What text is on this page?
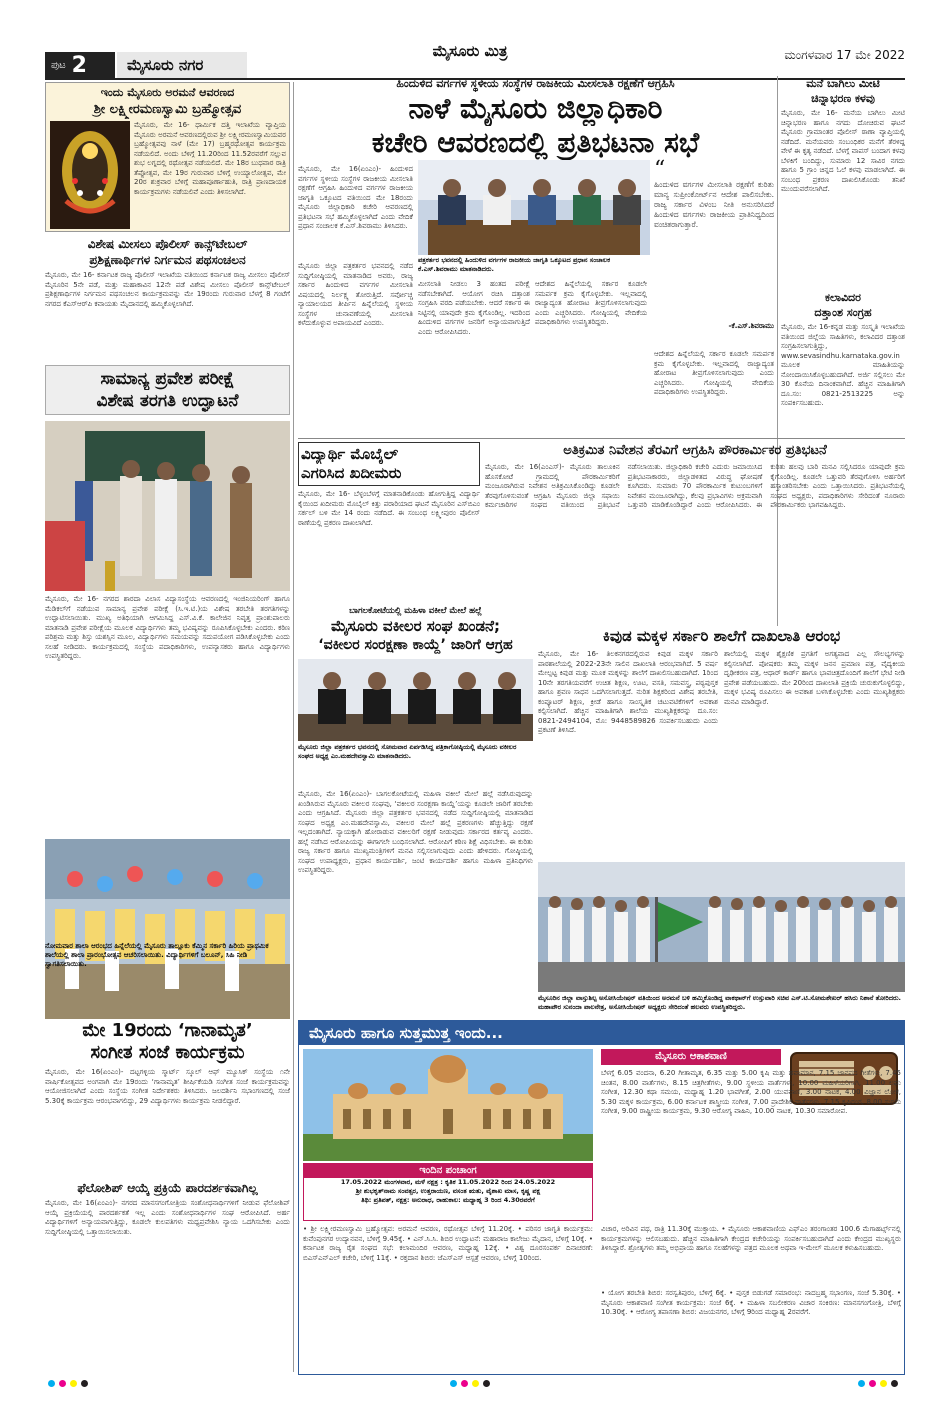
ಪುಟ 2	ಮೈಸೂರು ನಗರ
ಮೈಸೂರು ಮಿತ್ರ	ಮಂಗಳವಾರ 17 ಮೇ 2022
ಇಂದು ಮೈಸೂರು ಅರಮನೆ ಆವರಣದ
ಶ್ರೀ ಲಕ್ಷ್ಮೀರಮಣಸ್ವಾಮಿ ಬ್ರಹ್ಮೋತ್ಸವ
ಮೈಸೂರು, ಮೇ 16- ಧಾರ್ಮಿಕ ದತ್ತಿ ಇಲಾಖೆಯ ವ್ಯಾಪ್ತಿಯ ಮೈಸೂರು ಅರಮನೆ ಆವರಣದಲ್ಲಿರುವ ಶ್ರೀ ಲಕ್ಷ್ಮೀರಮಣಸ್ವಾಮಿಯವರ ಬ್ರಹ್ಮೋತ್ಸವವು ನಾಳೆ (ಮೇ 17) ಬ್ರಹ್ಮರಥೋತ್ಸವ ಕಾರ್ಯಕ್ರಮ ನಡೆಯಲಿದೆ. ಅಂದು ಬೆಳಿಗ್ಗೆ 11.20ರಿಂದ 11.52ರವರೆಗೆ ಸಲ್ಲುವ ಶುಭ ಲಗ್ನದಲ್ಲಿ ರಥೋತ್ಸವ ನಡೆಯಲಿದೆ. ಮೇ 18ರ ಬುಧವಾರ ರಾತ್ರಿ ತೆಪ್ಪೋತ್ಸವ, ಮೇ 19ರ ಗುರುವಾರ ಬೆಳಿಗ್ಗೆ ಉಯ್ಯಾಲೋತ್ಸವ, ಮೇ 20ರ ಶುಕ್ರವಾರ ಬೆಳಿಗ್ಗೆ ಮಹಾಪೂರ್ಣಾಹುತಿ, ರಾತ್ರಿ ಪ್ರಾಣದಾಯಕ ಕಾರ್ಯಕ್ರಮಗಳು ನಡೆಯಲಿವೆ ಎಂದು ತಿಳಿಸಲಾಗಿದೆ.
ವಿಶೇಷ ಮೀಸಲು ಪೊಲೀಸ್ ಕಾನ್ಸ್‌ಟೇಬಲ್
ಪ್ರಶಿಕ್ಷಣಾರ್ಥಿಗಳ ನಿರ್ಗಮನ ಪಥಸಂಚಲನ
ಮೈಸೂರು, ಮೇ 16- ಕರ್ನಾಟಕ ರಾಜ್ಯ ಪೊಲೀಸ್ ಇಲಾಖೆಯ ವತಿಯಿಂದ ಕರ್ನಾಟಕ ರಾಜ್ಯ ಮೀಸಲು ಪೊಲೀಸ್ ಮೈಸೂರಿನ 5ನೇ ಪಡೆ, ಮತ್ತು ಮಹಾಕಾವಿನ 12ನೇ ಪಡೆ ವಿಶೇಷ ಮೀಸಲು ಪೊಲೀಸ್ ಕಾನ್ಸ್‌ಟೇಬಲ್ ಪ್ರಶಿಕ್ಷಣಾರ್ಥಿಗಳ ನಿರ್ಗಮನ ಪಥಸಂಚಲನ ಕಾರ್ಯಕ್ರಮವನ್ನು ಮೇ 19ರಂದು ಗುರುವಾರ ಬೆಳಗ್ಗೆ 8 ಗಂಟೆಗೆ ನಗರದ ಕೆಎಸ್‌ಆರ್‌ಪಿ ಕವಾಯತು ಮೈದಾನದಲ್ಲಿ ಹಮ್ಮಿಕೊಳ್ಳಲಾಗಿದೆ.
ಸಾಮಾನ್ಯ ಪ್ರವೇಶ ಪರೀಕ್ಷೆ
ವಿಶೇಷ ತರಗತಿ ಉದ್ಘಾಟನೆ
ಮೈಸೂರು, ಮೇ 16- ನಗರದ ಶಾರದಾ ವಿಲಾಸ ವಿದ್ಯಾಸಂಸ್ಥೆಯ ಆವರಣದಲ್ಲಿ ಇಂಜಿನಿಯರಿಂಗ್ ಹಾಗೂ ಮೆಡಿಕಲ್‌ಗೆ ನಡೆಯುವ ಸಾಮಾನ್ಯ ಪ್ರವೇಶ ಪರೀಕ್ಷೆ (ಸಿ.ಇ.ಟಿ.)ಯ ವಿಶೇಷ ತರಬೇತಿ ತರಗತಿಗಳನ್ನು ಉದ್ಘಾಟಿಸಲಾಯಿತು. ಮುಖ್ಯ ಅತಿಥಿಯಾಗಿ ಆಗಮಿಸಿದ್ದ ಎಸ್‌.ವಿ.ಕೆ. ಕಾಲೇಜಿನ ನಿವೃತ್ತ ಪ್ರಾಂಶುಪಾಲರು ಮಾತನಾಡಿ ಪ್ರವೇಶ ಪರೀಕ್ಷೆಯ ಮೂಲಕ ವಿದ್ಯಾರ್ಥಿಗಳು ತಮ್ಮ ಭವಿಷ್ಯವನ್ನು ರೂಪಿಸಿಕೊಳ್ಳಬೇಕು ಎಂದರು. ಕಠಿಣ ಪರಿಶ್ರಮ ಮತ್ತು ಶಿಸ್ತು ಯಶಸ್ಸಿನ ಮೂಲ, ವಿದ್ಯಾರ್ಥಿಗಳು ಸಮಯವನ್ನು ಸದುಪಯೋಗ ಪಡಿಸಿಕೊಳ್ಳಬೇಕು ಎಂದು ಸಲಹೆ ನೀಡಿದರು. ಕಾರ್ಯಕ್ರಮದಲ್ಲಿ ಸಂಸ್ಥೆಯ ಪದಾಧಿಕಾರಿಗಳು, ಉಪನ್ಯಾಸಕರು ಹಾಗೂ ವಿದ್ಯಾರ್ಥಿಗಳು ಉಪಸ್ಥಿತರಿದ್ದರು.
ನೋಮವಾರ ಶಾಲಾ ಆರಂಭದ ಹಿನ್ನೆಲೆಯಲ್ಲಿ ಮೈಸೂರು ತಾಲ್ಲೂಕು ಕೆಮ್ಮಿನ ಸರ್ಕಾರಿ ಹಿರಿಯ ಪ್ರಾಥಮಿಕ ಶಾಲೆಯಲ್ಲಿ ಶಾಲಾ ಪ್ರಾರಂಭೋತ್ಸವ ಆಚರಿಸಲಾಯಿತು. ವಿದ್ಯಾರ್ಥಿಗಳಿಗೆ ಬಲೂನ್, ಸಿಹಿ ನೀಡಿ ಸ್ವಾಗತಿಸಲಾಯಿತು.
ಮೇ 19ರಂದು ‘ಗಾನಾಮೃತ’
ಸಂಗೀತ ಸಂಜೆ ಕಾರ್ಯಕ್ರಮ
ಮೈಸೂರು, ಮೇ 16(ಏಂಎಂ)- ದಟ್ಟಗಳ್ಳಿಯ ಸ್ಮಾರ್ಟ್ ಸ್ಕೂಲ್ ಆಫ್ ಮ್ಯೂಸಿಕ್ ಸಂಸ್ಥೆಯ ೧ನೇ ವಾರ್ಷಿಕೋತ್ಸವದ ಅಂಗವಾಗಿ ಮೇ 19ರಂದು ‘ಗಾನಾಮೃತ’ ಶೀರ್ಷಿಕೆಯಡಿ ಸಂಗೀತ ಸಂಜೆ ಕಾರ್ಯಕ್ರಮವನ್ನು ಆಯೋಜಿಸಲಾಗಿದೆ ಎಂದು ಸಂಸ್ಥೆಯ ಸಂಗೀತ ನಿರ್ದೇಶಕರು ತಿಳಿಸಿದರು. ಜಲದರ್ಶಿನಿ ಸಭಾಂಗಣದಲ್ಲಿ ಸಂಜೆ 5.30ಕ್ಕೆ ಕಾರ್ಯಕ್ರಮ ಆರಂಭವಾಗಲಿದ್ದು, 29 ವಿದ್ಯಾರ್ಥಿಗಳು ಕಾರ್ಯಕ್ರಮ ನೀಡಲಿದ್ದಾರೆ.
ಫೆಲೋಶಿಪ್ ಆಯ್ಕೆ ಪ್ರಕ್ರಿಯೆ ಪಾರದರ್ಶಕವಾಗಿಲ್ಲ
ಮೈಸೂರು, ಮೇ 16(ಏಂಎಂ)- ನಗರದ ಮಾನಸಗಂಗೋತ್ರಿಯ ಸಂಶೋಧನಾರ್ಥಿಗಳಿಗೆ ನೀಡುವ ಫೆಲೋಶಿಪ್ ಆಯ್ಕೆ ಪ್ರಕ್ರಿಯೆಯಲ್ಲಿ ಪಾರದರ್ಶಕತೆ ಇಲ್ಲ ಎಂದು ಸಂಶೋಧನಾರ್ಥಿಗಳ ಸಂಘ ಆರೋಪಿಸಿದೆ. ಅರ್ಹ ವಿದ್ಯಾರ್ಥಿಗಳಿಗೆ ಅನ್ಯಾಯವಾಗುತ್ತಿದ್ದು, ಕೂಡಲೇ ಕುಲಪತಿಗಳು ಮಧ್ಯಪ್ರವೇಶಿಸಿ ನ್ಯಾಯ ಒದಗಿಸಬೇಕು ಎಂದು ಸುದ್ದಿಗೋಷ್ಠಿಯಲ್ಲಿ ಒತ್ತಾಯಿಸಲಾಯಿತು.
ಹಿಂದುಳಿದ ವರ್ಗಗಳ ಸ್ಥಳೀಯ ಸಂಸ್ಥೆಗಳ ರಾಜಕೀಯ ಮೀಸಲಾತಿ ರಕ್ಷಣೆಗೆ ಆಗ್ರಹಿಸಿ
ನಾಳೆ ಮೈಸೂರು ಜಿಲ್ಲಾಧಿಕಾರಿ
ಕಚೇರಿ ಆವರಣದಲ್ಲಿ ಪ್ರತಿಭಟನಾ ಸಭೆ
ಮೈಸೂರು, ಮೇ 16(ಏಂಎಂ)- ಹಿಂದುಳಿದ ವರ್ಗಗಳ ಸ್ಥಳೀಯ ಸಂಸ್ಥೆಗಳ ರಾಜಕೀಯ ಮೀಸಲಾತಿ ರಕ್ಷಣೆಗೆ ಆಗ್ರಹಿಸಿ ಹಿಂದುಳಿದ ವರ್ಗಗಳ ರಾಜಕೀಯ ಜಾಗೃತಿ ಒಕ್ಕೂಟದ ವತಿಯಿಂದ ಮೇ 18ರಂದು ಮೈಸೂರು ಜಿಲ್ಲಾಧಿಕಾರಿ ಕಚೇರಿ ಆವರಣದಲ್ಲಿ ಪ್ರತಿಭಟನಾ ಸಭೆ ಹಮ್ಮಿಕೊಳ್ಳಲಾಗಿದೆ ಎಂದು ವೇದಿಕೆ ಪ್ರಧಾನ ಸಂಚಾಲಕ ಕೆ.ಎಸ್.ಶಿವರಾಮು ತಿಳಿಸಿದರು.
ಪತ್ರಕರ್ತರ ಭವನದಲ್ಲಿ ಹಿಂದುಳಿದ ವರ್ಗಗಳ ರಾಜಕೀಯ ಜಾಗೃತಿ ಒಕ್ಕೂಟದ ಪ್ರಧಾನ ಸಂಚಾಲಕ ಕೆ.ಎಸ್.ಶಿವರಾಮು ಮಾತನಾಡಿದರು.
ಮೈಸೂರು ಜಿಲ್ಲಾ ಪತ್ರಕರ್ತರ ಭವನದಲ್ಲಿ ನಡೆದ ಸುದ್ದಿಗೋಷ್ಠಿಯಲ್ಲಿ ಮಾತನಾಡಿದ ಅವರು, ರಾಜ್ಯ ಸರ್ಕಾರ ಹಿಂದುಳಿದ ವರ್ಗಗಳ ಮೀಸಲಾತಿ ವಿಷಯದಲ್ಲಿ ನಿರ್ಲಕ್ಷ್ಯ ತೋರುತ್ತಿದೆ. ಸರ್ವೋಚ್ಚ ನ್ಯಾಯಾಲಯದ ತೀರ್ಪಿನ ಹಿನ್ನೆಲೆಯಲ್ಲಿ ಸ್ಥಳೀಯ ಸಂಸ್ಥೆಗಳ ಚುನಾವಣೆಯಲ್ಲಿ ಮೀಸಲಾತಿ ಕಳೆದುಕೊಳ್ಳುವ ಅಪಾಯವಿದೆ ಎಂದರು.
ಮೀಸಲಾತಿ ನೀಡಲು 3 ಹಂತದ ಪರೀಕ್ಷೆ ನಡೆಸಬೇಕಾಗಿದೆ. ಆಯೋಗ ರಚಿಸಿ ದತ್ತಾಂಶ ಸಂಗ್ರಹಿಸಿ ವರದಿ ಪಡೆಯಬೇಕು. ಆದರೆ ಸರ್ಕಾರ ಈ ನಿಟ್ಟಿನಲ್ಲಿ ಯಾವುದೇ ಕ್ರಮ ಕೈಗೊಂಡಿಲ್ಲ. ಇದರಿಂದ ಹಿಂದುಳಿದ ವರ್ಗಗಳ ಜನರಿಗೆ ಅನ್ಯಾಯವಾಗುತ್ತಿದೆ ಎಂದು ಆರೋಪಿಸಿದರು.
ಆದೇಶದ ಹಿನ್ನೆಲೆಯಲ್ಲಿ ಸರ್ಕಾರ ಕೂಡಲೇ ಸಮರ್ಪಕ ಕ್ರಮ ಕೈಗೊಳ್ಳಬೇಕು. ಇಲ್ಲವಾದಲ್ಲಿ ರಾಜ್ಯಾದ್ಯಂತ ಹೋರಾಟ ತೀವ್ರಗೊಳಿಸಲಾಗುವುದು ಎಂದು ಎಚ್ಚರಿಸಿದರು. ಗೋಷ್ಠಿಯಲ್ಲಿ ವೇದಿಕೆಯ ಪದಾಧಿಕಾರಿಗಳು ಉಪಸ್ಥಿತರಿದ್ದರು.
“
ಹಿಂದುಳಿದ ವರ್ಗಗಳ ಮೀಸಲಾತಿ ರಕ್ಷಣೆಗೆ ಕುರಿತು ಮಾನ್ಯ ಸುಪ್ರೀಂಕೋರ್ಟ್‌ನ ಆದೇಶ ಪಾಲಿಸಬೇಕು. ರಾಜ್ಯ ಸರ್ಕಾರ ವಿಳಂಬ ನೀತಿ ಅನುಸರಿಸಿದರೆ ಹಿಂದುಳಿದ ವರ್ಗಗಳು ರಾಜಕೀಯ ಪ್ರಾತಿನಿಧ್ಯದಿಂದ ವಂಚಿತರಾಗುತ್ತಾರೆ.
-ಕೆ.ಎಸ್.ಶಿವರಾಮು
ಆದೇಶದ ಹಿನ್ನೆಲೆಯಲ್ಲಿ ಸರ್ಕಾರ ಕೂಡಲೇ ಸಮರ್ಪಕ ಕ್ರಮ ಕೈಗೊಳ್ಳಬೇಕು. ಇಲ್ಲವಾದಲ್ಲಿ ರಾಜ್ಯಾದ್ಯಂತ ಹೋರಾಟ ತೀವ್ರಗೊಳಿಸಲಾಗುವುದು ಎಂದು ಎಚ್ಚರಿಸಿದರು. ಗೋಷ್ಠಿಯಲ್ಲಿ ವೇದಿಕೆಯ ಪದಾಧಿಕಾರಿಗಳು ಉಪಸ್ಥಿತರಿದ್ದರು.
ಮನೆ ಬಾಗಿಲು ಮೀಟಿ
ಚಿನ್ನಾಭರಣ ಕಳವು
ಮೈಸೂರು, ಮೇ 16- ಮನೆಯ ಬಾಗಿಲು ಮೀಟಿ ಚಿನ್ನಾಭರಣ ಹಾಗೂ ನಗದು ದೋಚಿರುವ ಘಟನೆ ಮೈಸೂರು ಗ್ರಾಮಾಂತರ ಪೊಲೀಸ್ ಠಾಣಾ ವ್ಯಾಪ್ತಿಯಲ್ಲಿ ನಡೆದಿದೆ. ಮನೆಯವರು ಸಂಬಂಧಿಕರ ಮನೆಗೆ ತೆರಳಿದ್ದ ವೇಳೆ ಈ ಕೃತ್ಯ ನಡೆದಿದೆ. ಬೆಳಗ್ಗೆ ವಾಪಸ್ ಬಂದಾಗ ಕಳವು ಬೆಳಕಿಗೆ ಬಂದಿದ್ದು, ಸುಮಾರು 12 ಸಾವಿರ ನಗದು ಹಾಗೂ 5 ಗ್ರಾಂ ಚಿನ್ನದ ಓಲೆ ಕಳವು ಮಾಡಲಾಗಿದೆ. ಈ ಸಂಬಂಧ ಪ್ರಕರಣ ದಾಖಲಿಸಿಕೊಂಡು ತನಿಖೆ ಮುಂದುವರೆಸಲಾಗಿದೆ.
ಕಲಾವಿದರ
ದತ್ತಾಂಶ ಸಂಗ್ರಹ
ಮೈಸೂರು, ಮೇ 16-ಕನ್ನಡ ಮತ್ತು ಸಂಸ್ಕೃತಿ ಇಲಾಖೆಯ ವತಿಯಿಂದ ಜಿಲ್ಲೆಯ ಸಾಹಿತಿಗಳು, ಕಲಾವಿದರ ದತ್ತಾಂಶ ಸಂಗ್ರಹಿಸಲಾಗುತ್ತಿದ್ದು, www.sevasindhu.karnataka.gov.in ಮೂಲಕ ಮಾಹಿತಿಯನ್ನು ನೋಂದಾಯಿಸಿಕೊಳ್ಳಬಹುದಾಗಿದೆ. ಅರ್ಜಿ ಸಲ್ಲಿಸಲು ಮೇ 30 ಕೊನೆಯ ದಿನಾಂಕವಾಗಿದೆ. ಹೆಚ್ಚಿನ ಮಾಹಿತಿಗಾಗಿ ದೂ.ಸಂ: 0821-2513225 ಅನ್ನು ಸಂಪರ್ಕಿಸಬಹುದು.
ವಿದ್ಯಾರ್ಥಿ ಮೊಬೈಲ್
ಎಗರಿಸಿದ ಖದೀಮರು
ಮೈಸೂರು, ಮೇ 16- ಬೆಳ್ಳಂಬೆಳಗ್ಗೆ ಮಾತನಾಡಿಕೊಂಡು ಹೋಗುತ್ತಿದ್ದ ವಿದ್ಯಾರ್ಥಿ ಕೈಯಿಂದ ಖದೀಮರು ಮೊಬೈಲ್ ಕಿತ್ತು ಪರಾರಿಯಾದ ಘಟನೆ ಮೈಸೂರಿನ ಎಸ್‌ಬಿಎಂ ಸರ್ಕಲ್ ಬಳಿ ಮೇ 14 ರಂದು ನಡೆದಿದೆ. ಈ ಸಂಬಂಧ ಲಕ್ಷ್ಮೀಪುರಂ ಪೊಲೀಸ್ ಠಾಣೆಯಲ್ಲಿ ಪ್ರಕರಣ ದಾಖಲಾಗಿದೆ.
ಅತಿಕ್ರಮಿತ ನಿವೇಶನ ತೆರವಿಗೆ ಆಗ್ರಹಿಸಿ ಪೌರಕಾರ್ಮಿಕರ ಪ್ರತಿಭಟನೆ
ಮೈಸೂರು, ಮೇ 16(ಎಂಎಸ್‌)- ಮೈಸೂರು ತಾಲೂಕಿನ ಹೊಸಕೋಟೆ ಗ್ರಾಮದಲ್ಲಿ ಪೌರಕಾರ್ಮಿಕರಿಗೆ ಮಂಜೂರಾಗಿರುವ ನಿವೇಶನ ಅತಿಕ್ರಮಿಸಿಕೊಂಡಿದ್ದು ಕೂಡಲೇ ತೆರವುಗೊಳಿಸುವಂತೆ ಆಗ್ರಹಿಸಿ ಮೈಸೂರು ಜಿಲ್ಲಾ ಸಫಾಯಿ ಕರ್ಮಚಾರಿಗಳ ಸಂಘದ ವತಿಯಿಂದ ಪ್ರತಿಭಟನೆ ನಡೆಸಲಾಯಿತು. ಜಿಲ್ಲಾಧಿಕಾರಿ ಕಚೇರಿ ಎದುರು ಜಮಾಯಿಸಿದ ಪ್ರತಿಭಟನಾಕಾರರು, ಜಿಲ್ಲಾಡಳಿತದ ವಿರುದ್ಧ ಘೋಷಣೆ ಕೂಗಿದರು. ಸುಮಾರು 70 ಪೌರಕಾರ್ಮಿಕ ಕುಟುಂಬಗಳಿಗೆ ನಿವೇಶನ ಮಂಜೂರಾಗಿದ್ದು, ಕೆಲವು ಪ್ರಭಾವಿಗಳು ಅಕ್ರಮವಾಗಿ ಒತ್ತುವರಿ ಮಾಡಿಕೊಂಡಿದ್ದಾರೆ ಎಂದು ಆರೋಪಿಸಿದರು. ಈ ಕುರಿತು ಹಲವು ಬಾರಿ ಮನವಿ ಸಲ್ಲಿಸಿದರೂ ಯಾವುದೇ ಕ್ರಮ ಕೈಗೊಂಡಿಲ್ಲ. ಕೂಡಲೇ ಒತ್ತುವರಿ ತೆರವುಗೊಳಿಸಿ ಅರ್ಹರಿಗೆ ಹಸ್ತಾಂತರಿಸಬೇಕು ಎಂದು ಒತ್ತಾಯಿಸಿದರು. ಪ್ರತಿಭಟನೆಯಲ್ಲಿ ಸಂಘದ ಅಧ್ಯಕ್ಷರು, ಪದಾಧಿಕಾರಿಗಳು ಸೇರಿದಂತೆ ನೂರಾರು ಪೌರಕಾರ್ಮಿಕರು ಭಾಗವಹಿಸಿದ್ದರು.
ಬಾಗಲಕೋಟೆಯಲ್ಲಿ ಮಹಿಳಾ ವಕೀಲೆ ಮೇಲೆ ಹಲ್ಲೆ
ಮೈಸೂರು ವಕೀಲರ ಸಂಘ ಖಂಡನೆ;
‘ವಕೀಲರ ಸಂರಕ್ಷಣಾ ಕಾಯ್ದೆ’ ಜಾರಿಗೆ ಆಗ್ರಹ
ಮೈಸೂರು ಜಿಲ್ಲಾ ಪತ್ರಕರ್ತರ ಭವನದಲ್ಲಿ ಸೋಮವಾರ ಏರ್ಪಡಿಸಿದ್ದ ಪತ್ರಿಕಾಗೋಷ್ಠಿಯಲ್ಲಿ ಮೈಸೂರು ವಕೀಲರ ಸಂಘದ ಅಧ್ಯಕ್ಷ ಎಂ.ಮಹದೇವಸ್ವಾಮಿ ಮಾತನಾಡಿದರು.
ಮೈಸೂರು, ಮೇ 16(ಏಂಎಂ)- ಬಾಗಲಕೋಟೆಯಲ್ಲಿ ಮಹಿಳಾ ವಕೀಲೆ ಮೇಲೆ ಹಲ್ಲೆ ನಡೆಸಿರುವುದನ್ನು ಖಂಡಿಸಿರುವ ಮೈಸೂರು ವಕೀಲರ ಸಂಘವು, ‘ವಕೀಲರ ಸಂರಕ್ಷಣಾ ಕಾಯ್ದೆ’ಯನ್ನು ಕೂಡಲೇ ಜಾರಿಗೆ ತರಬೇಕು ಎಂದು ಆಗ್ರಹಿಸಿದೆ. ಮೈಸೂರು ಜಿಲ್ಲಾ ಪತ್ರಕರ್ತರ ಭವನದಲ್ಲಿ ನಡೆದ ಸುದ್ದಿಗೋಷ್ಠಿಯಲ್ಲಿ ಮಾತನಾಡಿದ ಸಂಘದ ಅಧ್ಯಕ್ಷ ಎಂ.ಮಹದೇವಸ್ವಾಮಿ, ವಕೀಲರ ಮೇಲೆ ಹಲ್ಲೆ ಪ್ರಕರಣಗಳು ಹೆಚ್ಚುತ್ತಿದ್ದು ರಕ್ಷಣೆ ಇಲ್ಲದಂತಾಗಿದೆ. ನ್ಯಾಯಕ್ಕಾಗಿ ಹೋರಾಡುವ ವಕೀಲರಿಗೆ ರಕ್ಷಣೆ ನೀಡುವುದು ಸರ್ಕಾರದ ಕರ್ತವ್ಯ ಎಂದರು. ಹಲ್ಲೆ ನಡೆಸಿದ ಆರೋಪಿಯನ್ನು ಈಗಾಗಲೇ ಬಂಧಿಸಲಾಗಿದೆ. ಆರೋಪಿಗೆ ಕಠಿಣ ಶಿಕ್ಷೆ ವಿಧಿಸಬೇಕು. ಈ ಕುರಿತು ರಾಜ್ಯ ಸರ್ಕಾರ ಹಾಗೂ ಮುಖ್ಯಮಂತ್ರಿಗಳಿಗೆ ಮನವಿ ಸಲ್ಲಿಸಲಾಗುವುದು ಎಂದು ಹೇಳಿದರು. ಗೋಷ್ಠಿಯಲ್ಲಿ ಸಂಘದ ಉಪಾಧ್ಯಕ್ಷರು, ಪ್ರಧಾನ ಕಾರ್ಯದರ್ಶಿ, ಜಂಟಿ ಕಾರ್ಯದರ್ಶಿ ಹಾಗೂ ಮಹಿಳಾ ಪ್ರತಿನಿಧಿಗಳು ಉಪಸ್ಥಿತರಿದ್ದರು.
ಕಿವುಡ ಮಕ್ಕಳ ಸರ್ಕಾರಿ ಶಾಲೆಗೆ ದಾಖಲಾತಿ ಆರಂಭ
ಮೈಸೂರು, ಮೇ 16- ತಿಲಕನಗರದಲ್ಲಿರುವ ಕಿವುಡ ಮಕ್ಕಳ ಸರ್ಕಾರಿ ಪಾಠಶಾಲೆಯಲ್ಲಿ 2022-23ನೇ ಸಾಲಿನ ದಾಖಲಾತಿ ಆರಂಭವಾಗಿದೆ. 5 ವರ್ಷ ಮೇಲ್ಪಟ್ಟ ಕಿವುಡ ಮತ್ತು ಮೂಕ ಮಕ್ಕಳನ್ನು ಶಾಲೆಗೆ ದಾಖಲಿಸಬಹುದಾಗಿದೆ. 1ರಿಂದ 10ನೇ ತರಗತಿಯವರೆಗೆ ಉಚಿತ ಶಿಕ್ಷಣ, ಊಟ, ವಸತಿ, ಸಮವಸ್ತ್ರ, ಪಠ್ಯಪುಸ್ತಕ ಹಾಗೂ ಶ್ರವಣ ಸಾಧನ ಒದಗಿಸಲಾಗುತ್ತದೆ. ನುರಿತ ಶಿಕ್ಷಕರಿಂದ ವಿಶೇಷ ತರಬೇತಿ, ಕಂಪ್ಯೂಟರ್ ಶಿಕ್ಷಣ, ಕ್ರೀಡೆ ಹಾಗೂ ಸಾಂಸ್ಕೃತಿಕ ಚಟುವಟಿಕೆಗಳಿಗೆ ಅವಕಾಶ ಕಲ್ಪಿಸಲಾಗಿದೆ. ಹೆಚ್ಚಿನ ಮಾಹಿತಿಗಾಗಿ ಶಾಲೆಯ ಮುಖ್ಯಶಿಕ್ಷಕರನ್ನು ದೂ.ಸಂ: 0821-2494104, ಮೊ: 9448589826 ಸಂಪರ್ಕಿಸಬಹುದು ಎಂದು ಪ್ರಕಟಣೆ ತಿಳಿಸಿದೆ.
ಶಾಲೆಯಲ್ಲಿ ಮಕ್ಕಳ ಶೈಕ್ಷಣಿಕ ಪ್ರಗತಿಗೆ ಅಗತ್ಯವಾದ ಎಲ್ಲ ಸೌಲಭ್ಯಗಳನ್ನು ಕಲ್ಪಿಸಲಾಗಿದೆ. ಪೋಷಕರು ತಮ್ಮ ಮಕ್ಕಳ ಜನನ ಪ್ರಮಾಣ ಪತ್ರ, ವೈದ್ಯಕೀಯ ದೃಢೀಕರಣ ಪತ್ರ, ಆಧಾರ್ ಕಾರ್ಡ್ ಹಾಗೂ ಭಾವಚಿತ್ರದೊಂದಿಗೆ ಶಾಲೆಗೆ ಭೇಟಿ ನೀಡಿ ಪ್ರವೇಶ ಪಡೆಯಬಹುದು. ಮೇ 20ರಿಂದ ದಾಖಲಾತಿ ಪ್ರಕ್ರಿಯೆ ಚುರುಕುಗೊಳ್ಳಲಿದ್ದು, ಮಕ್ಕಳ ಭವಿಷ್ಯ ರೂಪಿಸಲು ಈ ಅವಕಾಶ ಬಳಸಿಕೊಳ್ಳಬೇಕು ಎಂದು ಮುಖ್ಯಶಿಕ್ಷಕರು ಮನವಿ ಮಾಡಿದ್ದಾರೆ.
ಮೈಸೂರಿನ ಜಿಲ್ಲಾ ವಾಸ್ತುಶಿಲ್ಪ ಅಸೋಸಿಯೇಷನ್ ವತಿಯಿಂದ ಅರಮನೆ ಬಳಿ ಹಮ್ಮಿಕೊಂಡಿದ್ದ ವಾಕಥಾನ್‌ಗೆ ಉಸ್ತುವಾರಿ ಸಚಿವ ಎಸ್.ಟಿ.ಸೋಮಶೇಖರ್ ಹಸಿರು ನಿಶಾನೆ ತೋರಿದರು. ಮಹಾಪೌರ ಸುನಂದಾ ಪಾಲನೇತ್ರ, ಅಸೋಸಿಯೇಷನ್ ಅಧ್ಯಕ್ಷರು ಸೇರಿದಂತೆ ಹಲವರು ಉಪಸ್ಥಿತರಿದ್ದರು.
ಮೈಸೂರು ಹಾಗೂ ಸುತ್ತಮುತ್ತ ಇಂದು...
ಇಂದಿನ ಪಂಚಾಂಗ
17.05.2022 ಮಂಗಳವಾರ, ಮಳೆ ನಕ್ಷತ್ರ : ಕೃತಿಕ 11.05.2022 ರಿಂದ 24.05.2022
ಶ್ರೀ ಶುಭಕೃತ್‌ನಾಮ ಸಂವತ್ಸರ, ಉತ್ತರಾಯಣ, ವಸಂತ ಋತು, ವೈಶಾಖ ಮಾಸ, ಕೃಷ್ಣ ಪಕ್ಷ
ತಿಥಿ: ಪ್ರತಿಪತ್, ನಕ್ಷತ್ರ: ಅನುರಾಧ, ರಾಹುಕಾಲ: ಮಧ್ಯಾಹ್ನ 3 ರಿಂದ 4.30ರವರೆಗೆ
• ಶ್ರೀ ಲಕ್ಷ್ಮೀರಮಣಸ್ವಾಮಿ ಬ್ರಹ್ಮೋತ್ಸವ: ಅರಮನೆ ಆವರಣ, ರಥೋತ್ಸವ ಬೆಳಿಗ್ಗೆ 11.20ಕ್ಕೆ. • ಪರಿಸರ ಜಾಗೃತಿ ಕಾರ್ಯಕ್ರಮ: ಕುವೆಂಪುನಗರ ಉದ್ಯಾನವನ, ಬೆಳಿಗ್ಗೆ 9.45ಕ್ಕೆ. • ಎನ್.ಸಿ.ಸಿ. ಶಿಬಿರ ಉದ್ಘಾಟನೆ: ಮಹಾರಾಜ ಕಾಲೇಜು ಮೈದಾನ, ಬೆಳಿಗ್ಗೆ 10ಕ್ಕೆ. • ಕರ್ನಾಟಕ ರಾಜ್ಯ ರೈತ ಸಂಘದ ಸಭೆ: ಕಲಾಮಂದಿರ ಆವರಣ, ಮಧ್ಯಾಹ್ನ 12ಕ್ಕೆ. • ವಿಶ್ವ ದೂರಸಂಪರ್ಕ ದಿನಾಚರಣೆ: ಬಿಎಸ್‌ಎನ್‌ಎಲ್ ಕಚೇರಿ, ಬೆಳಿಗ್ಗೆ 11ಕ್ಕೆ. • ರಕ್ತದಾನ ಶಿಬಿರ: ಜೆಎಸ್‌ಎಸ್ ಆಸ್ಪತ್ರೆ ಆವರಣ, ಬೆಳಿಗ್ಗೆ 10ರಿಂದ.
ಮೈಸೂರು ಆಕಾಶವಾಣಿ
ಬೆಳಗ್ಗೆ 6.05 ವಂದನಾ, 6.20 ಗೀತಾಮೃತ, 6.35 ಮತ್ತು 5.00 ಕೃಷಿ ಮತ್ತು ಹವಾಮಾನ, 7.15 ಜಾನಪದ ಗೀತೆಗಳು, 7.45 ಚಿಂತನ, 8.00 ವಾರ್ತೆಗಳು, 8.15 ಚಿತ್ರಗೀತೆಗಳು, 9.00 ಸ್ಥಳೀಯ ವಾರ್ತೆಗಳು, 10.00 ಮಹಿಳೆಯರಿಗಾಗಿ, 11.00 ಲಘು ಸಂಗೀತ, 12.30 ಕಥಾ ಸಮಯ, ಮಧ್ಯಾಹ್ನ 1.20 ಭಾವಗೀತೆ, 2.00 ಯುವವಾಣಿ, 3.00 ನಾಟಕ, 4.00 ವಿಜ್ಞಾನ ಲೋಕ, 5.30 ಮಕ್ಕಳ ಕಾರ್ಯಕ್ರಮ, 6.00 ಕರ್ನಾಟಕ ಶಾಸ್ತ್ರೀಯ ಸಂಗೀತ, 7.00 ಪ್ರಾದೇಶಿಕ ವಾರ್ತೆಗಳು, 7.15 ಕೃಷಿರಂಗ, 8.00 ಸುಗಮ ಸಂಗೀತ, 9.00 ರಾಷ್ಟ್ರೀಯ ಕಾರ್ಯಕ್ರಮ, 9.30 ಆರೋಗ್ಯ ವಾಹಿನಿ, 10.00 ನಾಟಕ, 10.30 ಸಮಾರೋಪ.
ವಿಚಾರ, ಅರಿವಿನ ಪಥ, ರಾತ್ರಿ 11.30ಕ್ಕೆ ಮುಕ್ತಾಯ. • ಮೈಸೂರು ಆಕಾಶವಾಣಿಯ ಎಫ್‌ಎಂ ತರಂಗಾಂತರ 100.6 ಮೆಗಾಹರ್ಟ್ಸ್‌ನಲ್ಲಿ ಕಾರ್ಯಕ್ರಮಗಳನ್ನು ಆಲಿಸಬಹುದು. ಹೆಚ್ಚಿನ ಮಾಹಿತಿಗಾಗಿ ಕೇಂದ್ರದ ಕಚೇರಿಯನ್ನು ಸಂಪರ್ಕಿಸಬಹುದಾಗಿದೆ ಎಂದು ಕೇಂದ್ರದ ಮುಖ್ಯಸ್ಥರು ತಿಳಿಸಿದ್ದಾರೆ. ಶ್ರೋತೃಗಳು ತಮ್ಮ ಅಭಿಪ್ರಾಯ ಹಾಗೂ ಸಲಹೆಗಳನ್ನು ಪತ್ರದ ಮೂಲಕ ಅಥವಾ ಇ-ಮೇಲ್ ಮೂಲಕ ಕಳುಹಿಸಬಹುದು.
• ಯೋಗ ತರಬೇತಿ ಶಿಬಿರ: ಸರಸ್ವತಿಪುರಂ, ಬೆಳಿಗ್ಗೆ 6ಕ್ಕೆ. • ಪುಸ್ತಕ ಬಿಡುಗಡೆ ಸಮಾರಂಭ: ನಾದಬ್ರಹ್ಮ ಸಭಾಂಗಣ, ಸಂಜೆ 5.30ಕ್ಕೆ. • ಮೈಸೂರು ಆಕಾಶವಾಣಿ ಸಂಗೀತ ಕಾರ್ಯಕ್ರಮ: ಸಂಜೆ 6ಕ್ಕೆ. • ಮಹಿಳಾ ಸಬಲೀಕರಣ ವಿಚಾರ ಸಂಕಿರಣ: ಮಾನಸಗಂಗೋತ್ರಿ, ಬೆಳಿಗ್ಗೆ 10.30ಕ್ಕೆ. • ಆರೋಗ್ಯ ತಪಾಸಣಾ ಶಿಬಿರ: ವಿಜಯನಗರ, ಬೆಳಿಗ್ಗೆ 9ರಿಂದ ಮಧ್ಯಾಹ್ನ 2ರವರೆಗೆ.
